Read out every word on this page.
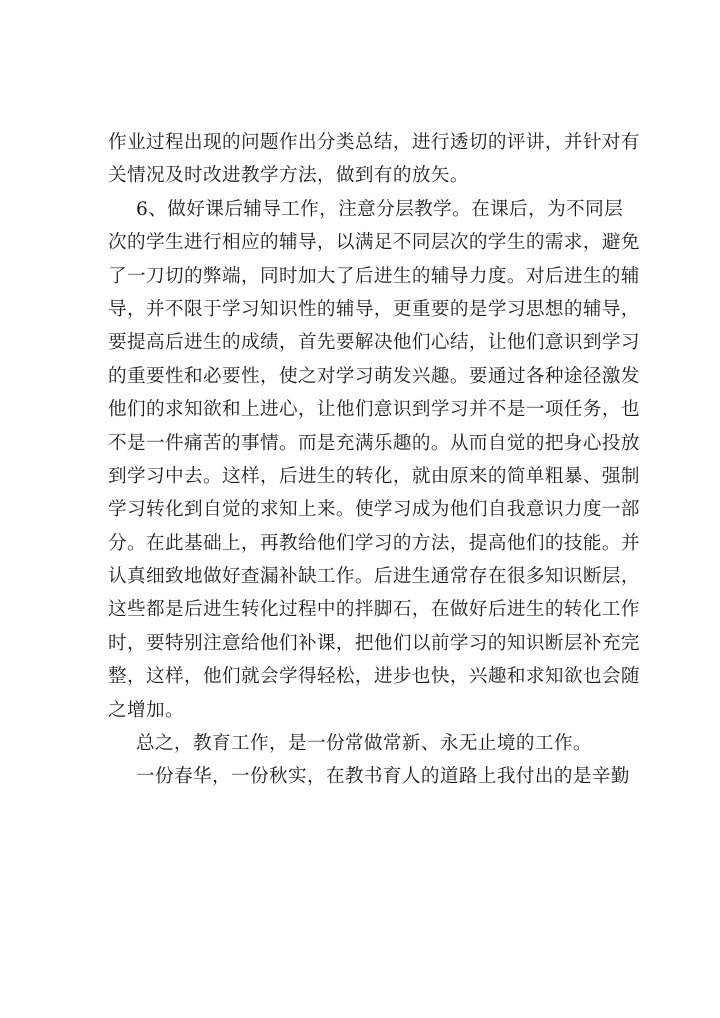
作业过程出现的问题作出分类总结，进行透切的评讲，并针对有
关情况及时改进教学方法，做到有的放矢。
6、做好课后辅导工作，注意分层教学。在课后，为不同层
次的学生进行相应的辅导，以满足不同层次的学生的需求，避免
了一刀切的弊端，同时加大了后进生的辅导力度。对后进生的辅
导，并不限于学习知识性的辅导，更重要的是学习思想的辅导，
要提高后进生的成绩，首先要解决他们心结，让他们意识到学习
的重要性和必要性，使之对学习萌发兴趣。要通过各种途径激发
他们的求知欲和上进心，让他们意识到学习并不是一项任务，也
不是一件痛苦的事情。而是充满乐趣的。从而自觉的把身心投放
到学习中去。这样，后进生的转化，就由原来的简单粗暴、强制
学习转化到自觉的求知上来。使学习成为他们自我意识力度一部
分。在此基础上，再教给他们学习的方法，提高他们的技能。并
认真细致地做好查漏补缺工作。后进生通常存在很多知识断层，
这些都是后进生转化过程中的拌脚石，在做好后进生的转化工作
时，要特别注意给他们补课，把他们以前学习的知识断层补充完
整，这样，他们就会学得轻松，进步也快，兴趣和求知欲也会随
之增加。
总之，教育工作，是一份常做常新、永无止境的工作。
一份春华，一份秋实，在教书育人的道路上我付出的是辛勤
